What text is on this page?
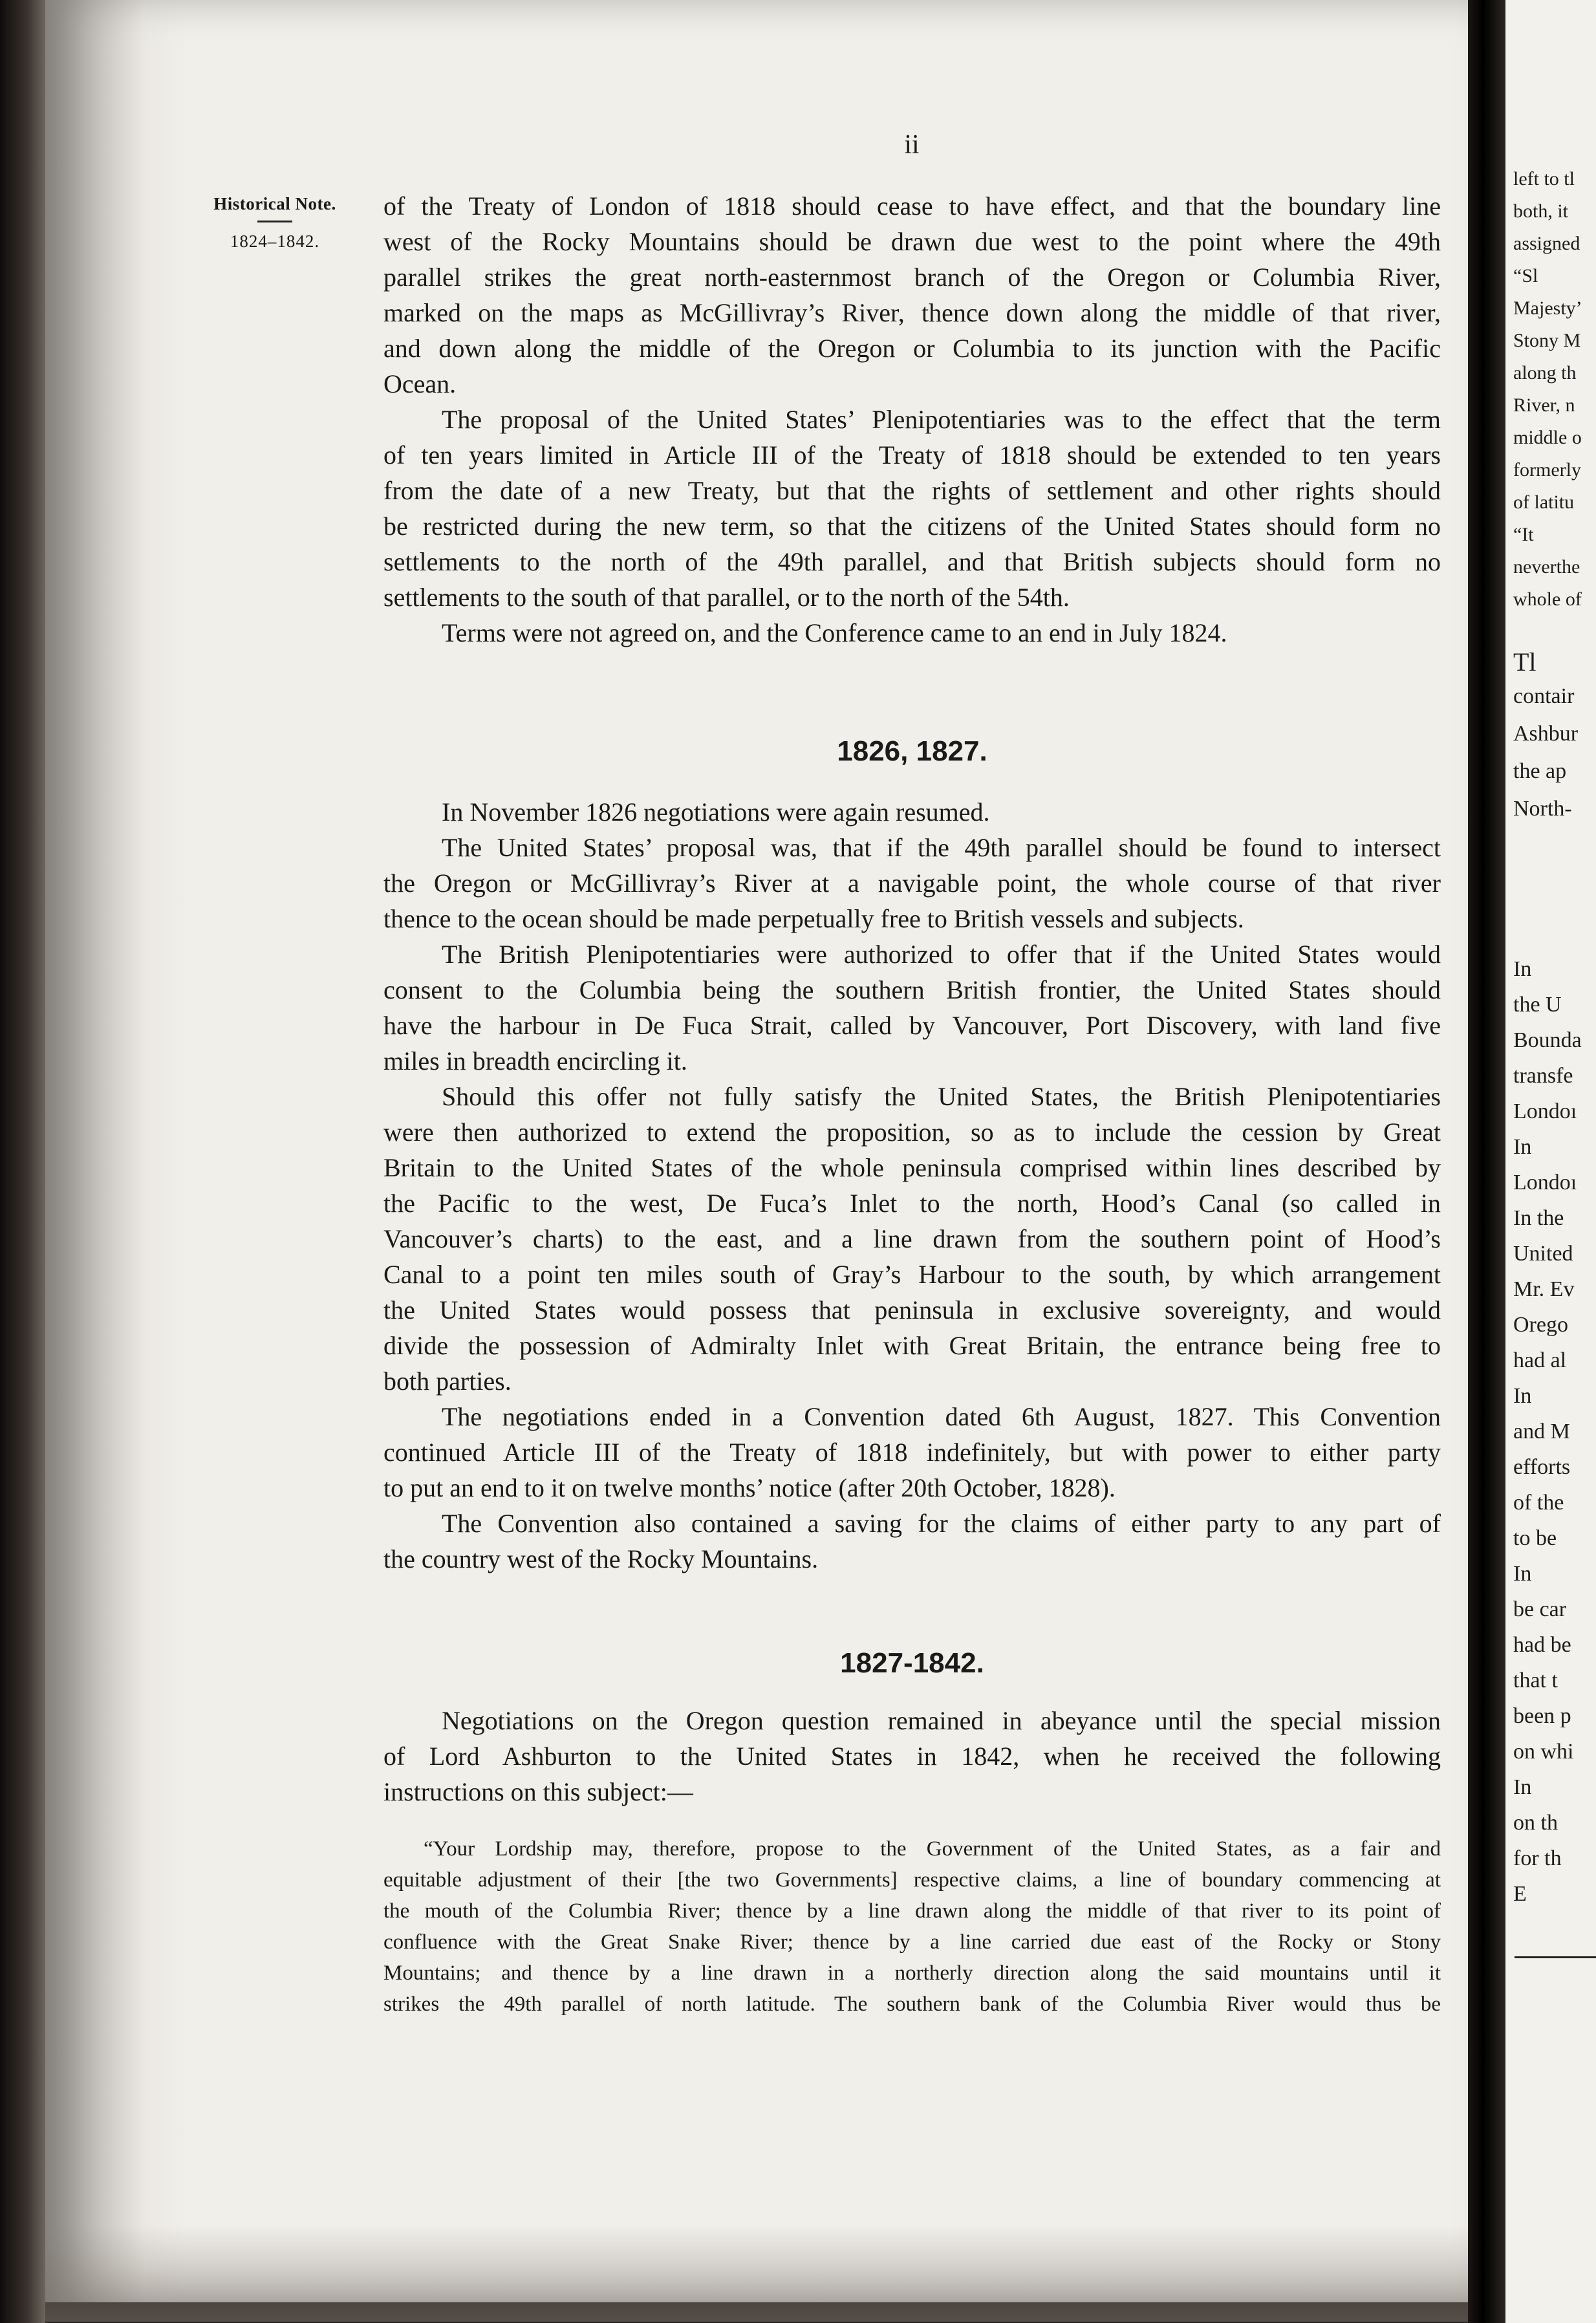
ii
Historical Note.
1824–1842.
of the Treaty of London of 1818 should cease to have effect, and that the boundary line
west of the Rocky Mountains should be drawn due west to the point where the 49th
parallel strikes the great north-easternmost branch of the Oregon or Columbia River,
marked on the maps as McGillivray’s River, thence down along the middle of that river,
and down along the middle of the Oregon or Columbia to its junction with the Pacific
Ocean.
The proposal of the United States’ Plenipotentiaries was to the effect that the term
of ten years limited in Article III of the Treaty of 1818 should be extended to ten years
from the date of a new Treaty, but that the rights of settlement and other rights should
be restricted during the new term, so that the citizens of the United States should form no
settlements to the north of the 49th parallel, and that British subjects should form no
settlements to the south of that parallel, or to the north of the 54th.
Terms were not agreed on, and the Conference came to an end in July 1824.
1826, 1827.
In November 1826 negotiations were again resumed.
The United States’ proposal was, that if the 49th parallel should be found to intersect
the Oregon or McGillivray’s River at a navigable point, the whole course of that river
thence to the ocean should be made perpetually free to British vessels and subjects.
The British Plenipotentiaries were authorized to offer that if the United States would
consent to the Columbia being the southern British frontier, the United States should
have the harbour in De Fuca Strait, called by Vancouver, Port Discovery, with land five
miles in breadth encircling it.
Should this offer not fully satisfy the United States, the British Plenipotentiaries
were then authorized to extend the proposition, so as to include the cession by Great
Britain to the United States of the whole peninsula comprised within lines described by
the Pacific to the west, De Fuca’s Inlet to the north, Hood’s Canal (so called in
Vancouver’s charts) to the east, and a line drawn from the southern point of Hood’s
Canal to a point ten miles south of Gray’s Harbour to the south, by which arrangement
the United States would possess that peninsula in exclusive sovereignty, and would
divide the possession of Admiralty Inlet with Great Britain, the entrance being free to
both parties.
The negotiations ended in a Convention dated 6th August, 1827. This Convention
continued Article III of the Treaty of 1818 indefinitely, but with power to either party
to put an end to it on twelve months’ notice (after 20th October, 1828).
The Convention also contained a saving for the claims of either party to any part of
the country west of the Rocky Mountains.
1827-1842.
Negotiations on the Oregon question remained in abeyance until the special mission
of Lord Ashburton to the United States in 1842, when he received the following
instructions on this subject:—
“Your Lordship may, therefore, propose to the Government of the United States, as a fair and
equitable adjustment of their [the two Governments] respective claims, a line of boundary commencing at
the mouth of the Columbia River; thence by a line drawn along the middle of that river to its point of
confluence with the Great Snake River; thence by a line carried due east of the Rocky or Stony
Mountains; and thence by a line drawn in a northerly direction along the said mountains until it
strikes the 49th parallel of north latitude. The southern bank of the Columbia River would thus be
left to tl
both, it
assigned
“Sl
Majesty’
Stony M
along th
River, n
middle o
formerly
of latitu
“It
neverthe
whole of
Tl
contair
Ashbur
the ap
North-
In
the U
Bounda
transfe
Londoı
In
Londoı
In the
United
Mr. Ev
Orego
had al
In
and M
efforts
of the
to be
In
be car
had be
that t
been p
on whi
In
on th
for th
E
